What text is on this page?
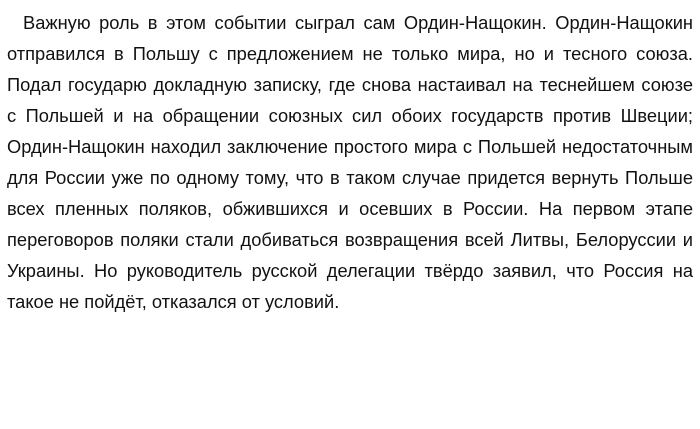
Важную роль в этом событии сыграл сам Ордин-Нащокин. Ордин-Нащокин отправился в Польшу с предложением не только мира, но и тесного союза. Подал государю докладную записку, где снова настаивал на теснейшем союзе с Польшей и на обращении союзных сил обоих государств против Швеции; Ордин-Нащокин находил заключение простого мира с Польшей недостаточным для России уже по одному тому, что в таком случае придется вернуть Польше всех пленных поляков, обжившихся и осевших в России. На первом этапе переговоров поляки стали добиваться возвращения всей Литвы, Белоруссии и Украины. Но руководитель русской делегации твёрдо заявил, что Россия на такое не пойдёт, отказался от условий.
